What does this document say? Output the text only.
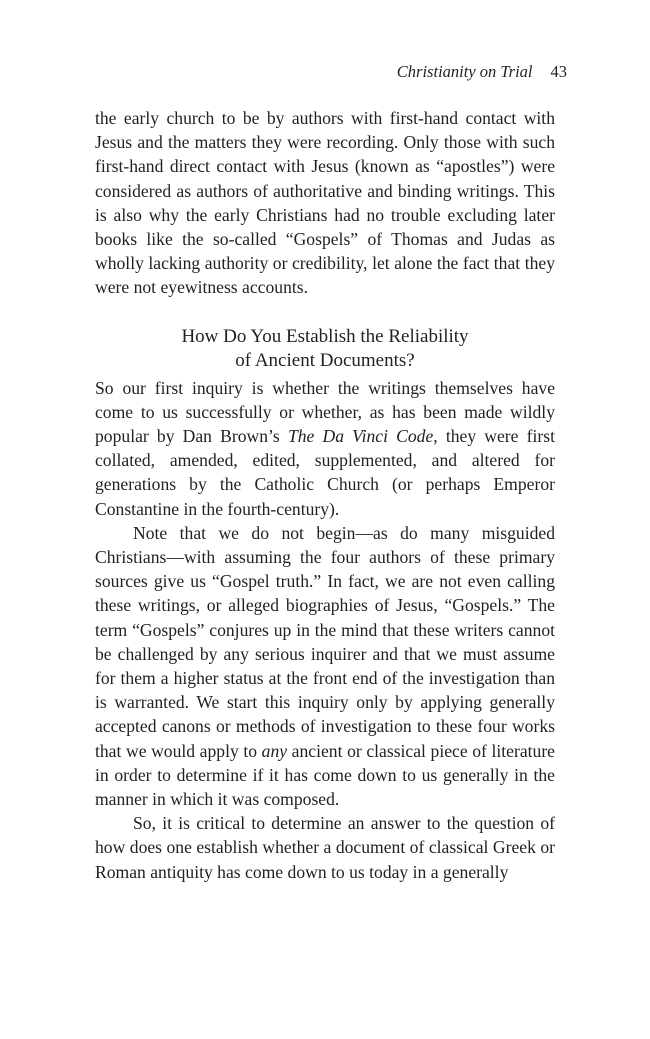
Christianity on Trial 43

the early church to be by authors with first-hand contact with Jesus and the matters they were recording. Only those with such first-hand direct contact with Jesus (known as “apostles”) were considered as authors of authoritative and binding writings. This is also why the early Christians had no trouble excluding later books like the so-called “Gospels” of Thomas and Judas as wholly lacking authority or credibility, let alone the fact that they were not eyewitness accounts.

How Do You Establish the Reliability
of Ancient Documents?

So our first inquiry is whether the writings themselves have come to us successfully or whether, as has been made wildly popular by Dan Brown’s The Da Vinci Code, they were first collated, amended, edited, supplemented, and altered for generations by the Catholic Church (or perhaps Emperor Constantine in the fourth-century).

Note that we do not begin—as do many misguided Christians—with assuming the four authors of these primary sources give us “Gospel truth.” In fact, we are not even calling these writings, or alleged biographies of Jesus, “Gospels.” The term “Gospels” conjures up in the mind that these writers cannot be challenged by any serious inquirer and that we must assume for them a higher status at the front end of the investigation than is warranted. We start this inquiry only by applying generally accepted canons or methods of investigation to these four works that we would apply to any ancient or classical piece of literature in order to determine if it has come down to us generally in the manner in which it was composed.

So, it is critical to determine an answer to the question of how does one establish whether a document of classical Greek or Roman antiquity has come down to us today in a generally
